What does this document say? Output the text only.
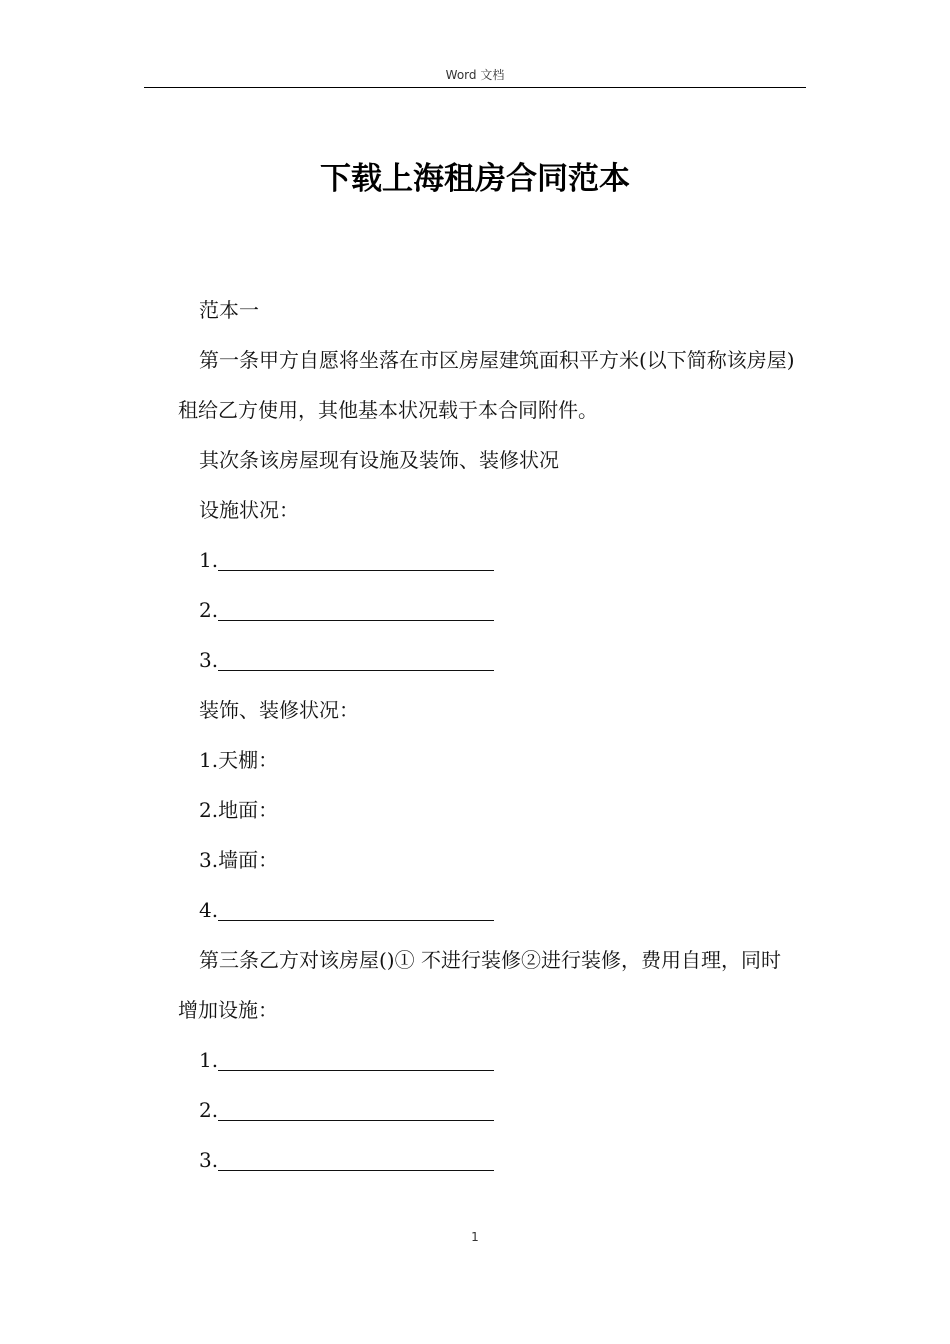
Word 文档
下载上海租房合同范本

范本一

第一条甲方自愿将坐落在市区房屋建筑面积平方米(以下简称该房屋)租给乙方使用，其他基本状况载于本合同附件。

其次条该房屋现有设施及装饰、装修状况

设施状况：

1.

2.

3.

装饰、装修状况：

1.天棚：

2.地面：

3.墙面：

4.

第三条乙方对该房屋()① 不进行装修②进行装修，费用自理，同时增加设施：

1.

2.

3.

1
